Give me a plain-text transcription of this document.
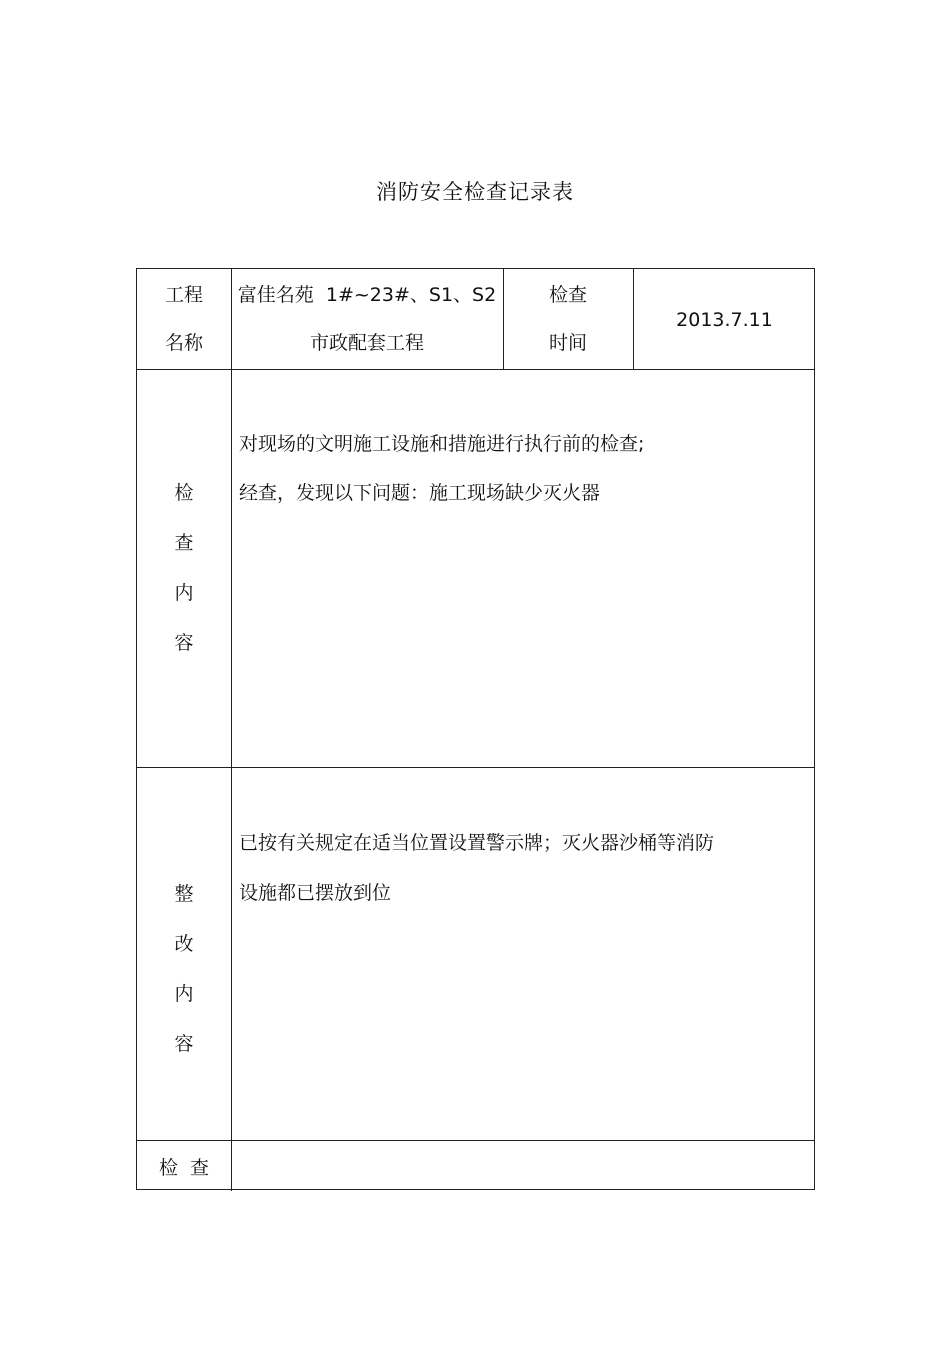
消防安全检查记录表
工程
名称
富佳名苑  1#~23#、S1、S2
市政配套工程
检查
时间
2013.7.11
检
查
内
容
对现场的文明施工设施和措施进行执行前的检查;
经查，发现以下问题：施工现场缺少灭火器
整
改
内
容
已按有关规定在适当位置设置警示牌；灭火器沙桶等消防
设施都已摆放到位
检  查
